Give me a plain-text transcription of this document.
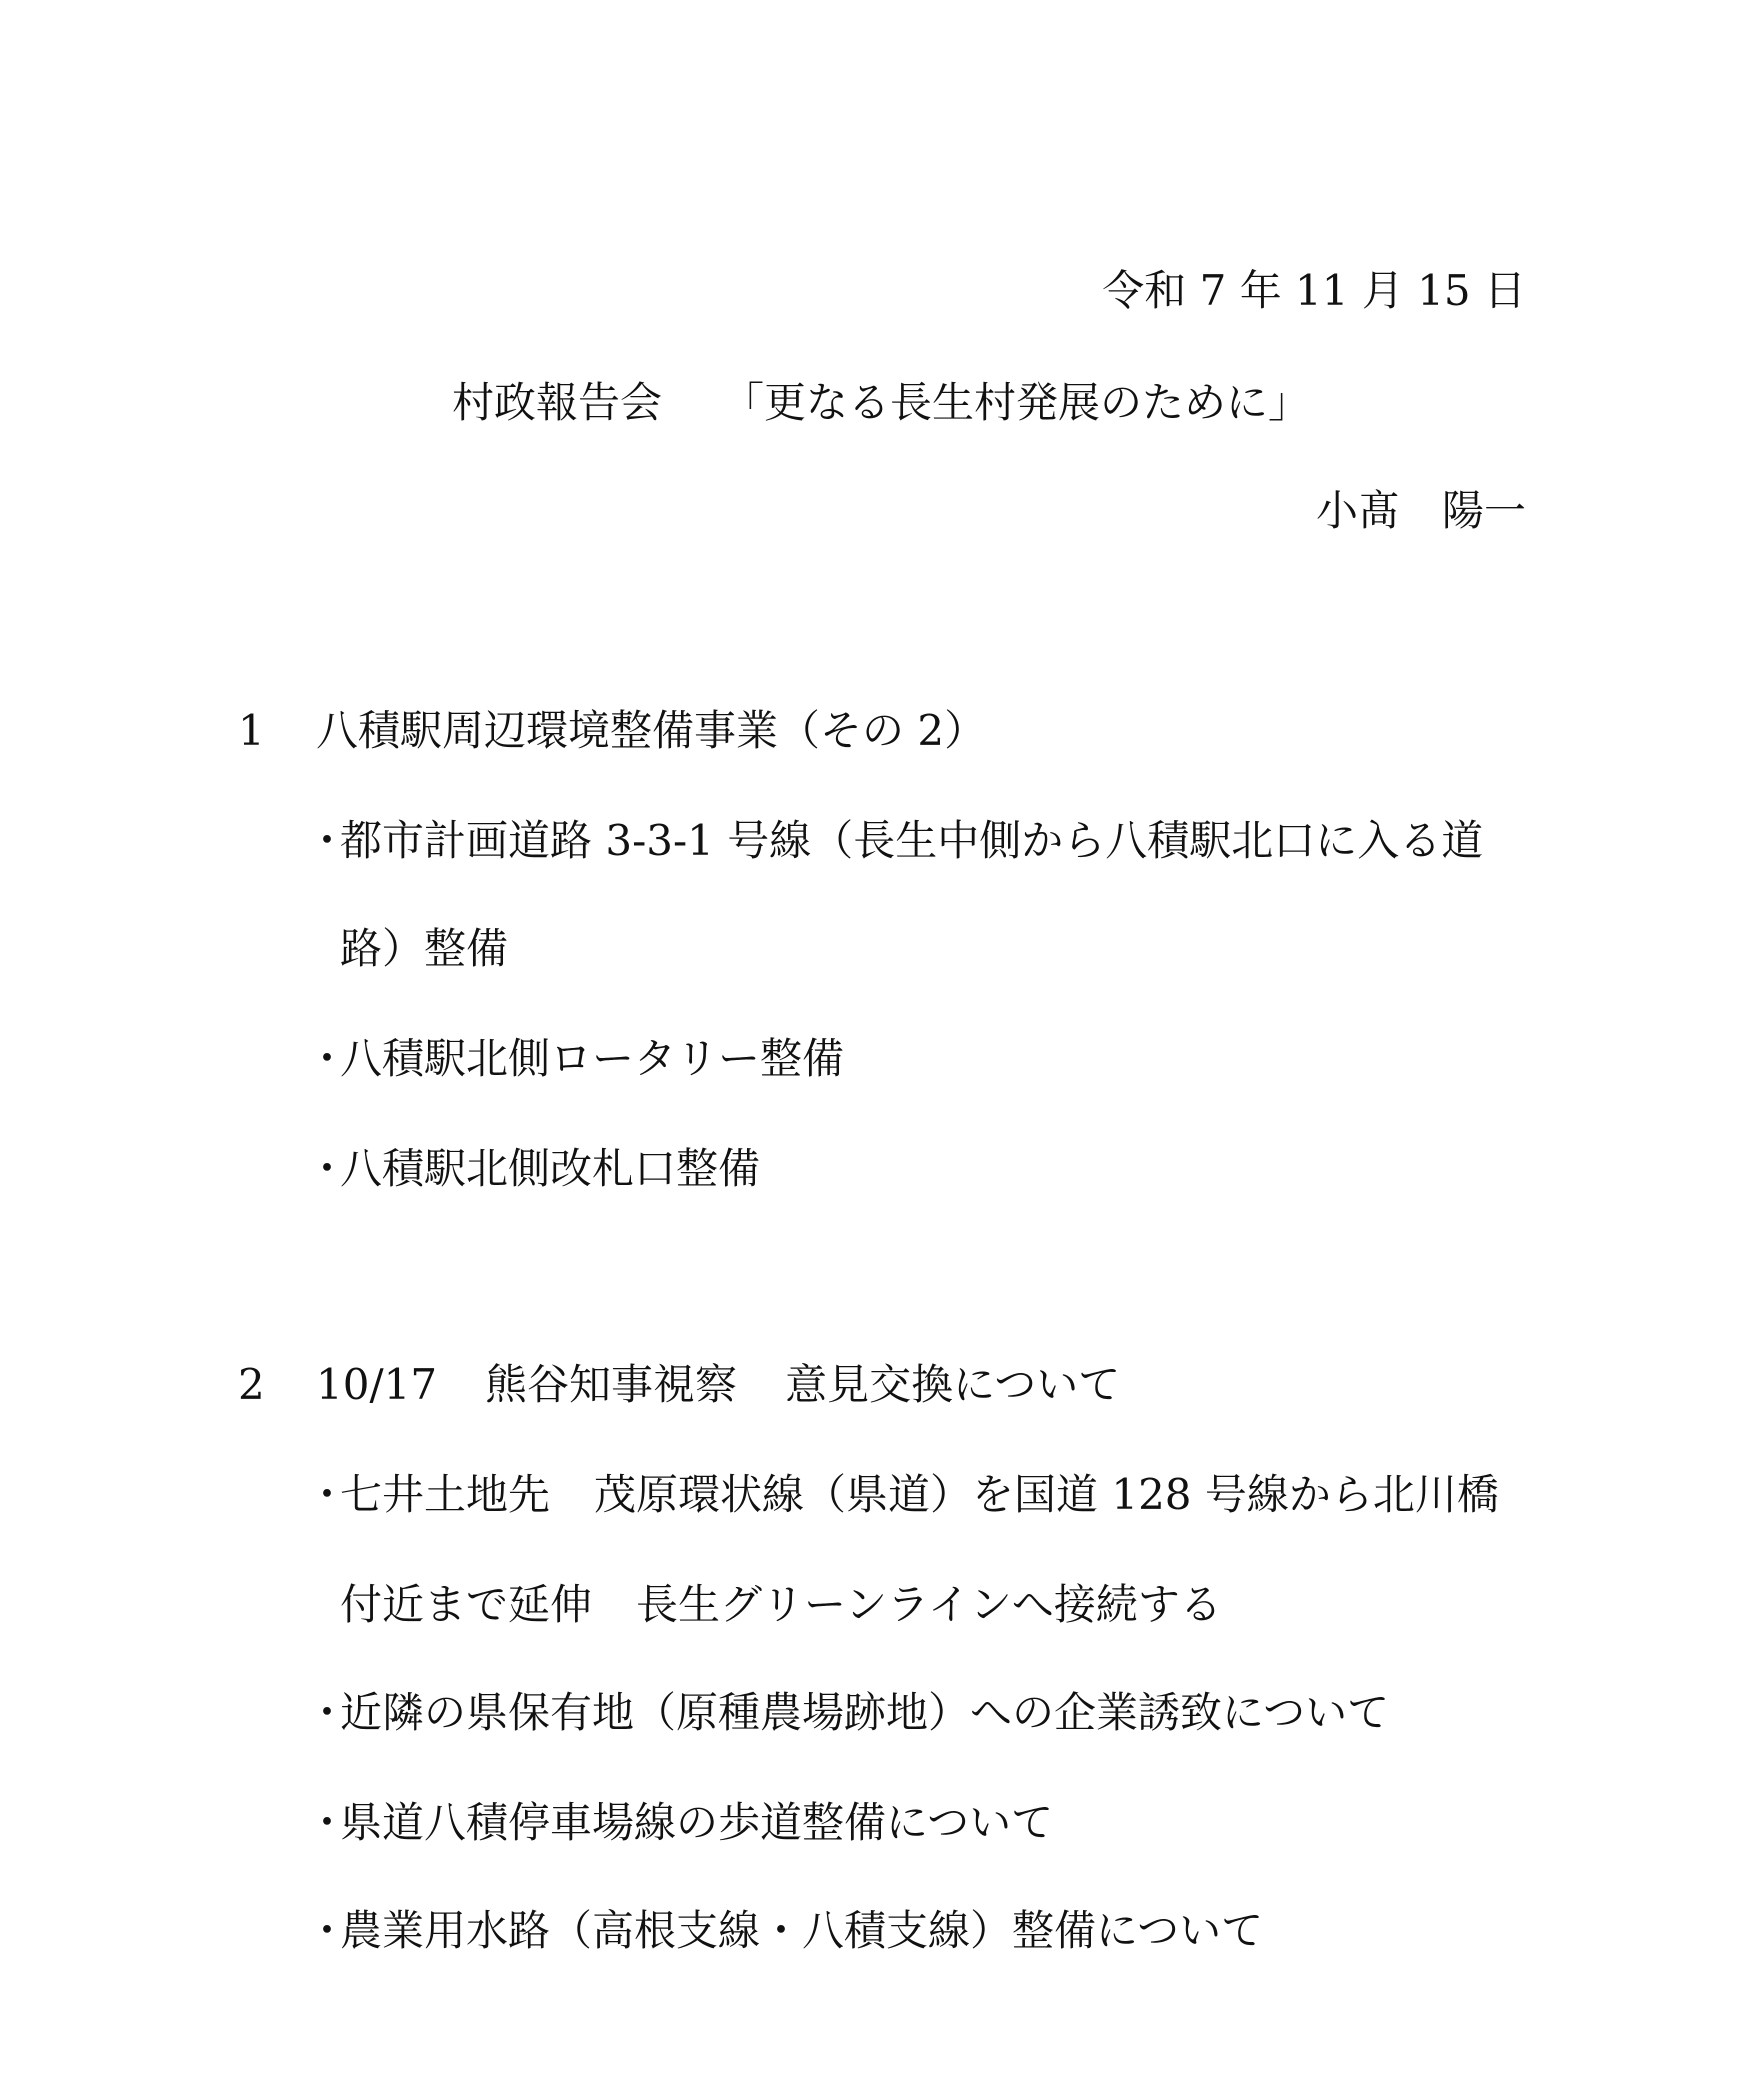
令和 7 年 11 月 15 日
村政報告会 「更なる長生村発展のために」
小髙 陽一
1 八積駅周辺環境整備事業（その 2）
・都市計画道路 3-3-1 号線（長生中側から八積駅北口に入る道
路）整備
・八積駅北側ロータリー整備
・八積駅北側改札口整備
2 10/17 熊谷知事視察 意見交換について
・七井土地先 茂原環状線（県道）を国道 128 号線から北川橋
付近まで延伸 長生グリーンラインへ接続する
・近隣の県保有地（原種農場跡地）への企業誘致について
・県道八積停車場線の歩道整備について
・農業用水路（高根支線・八積支線）整備について
